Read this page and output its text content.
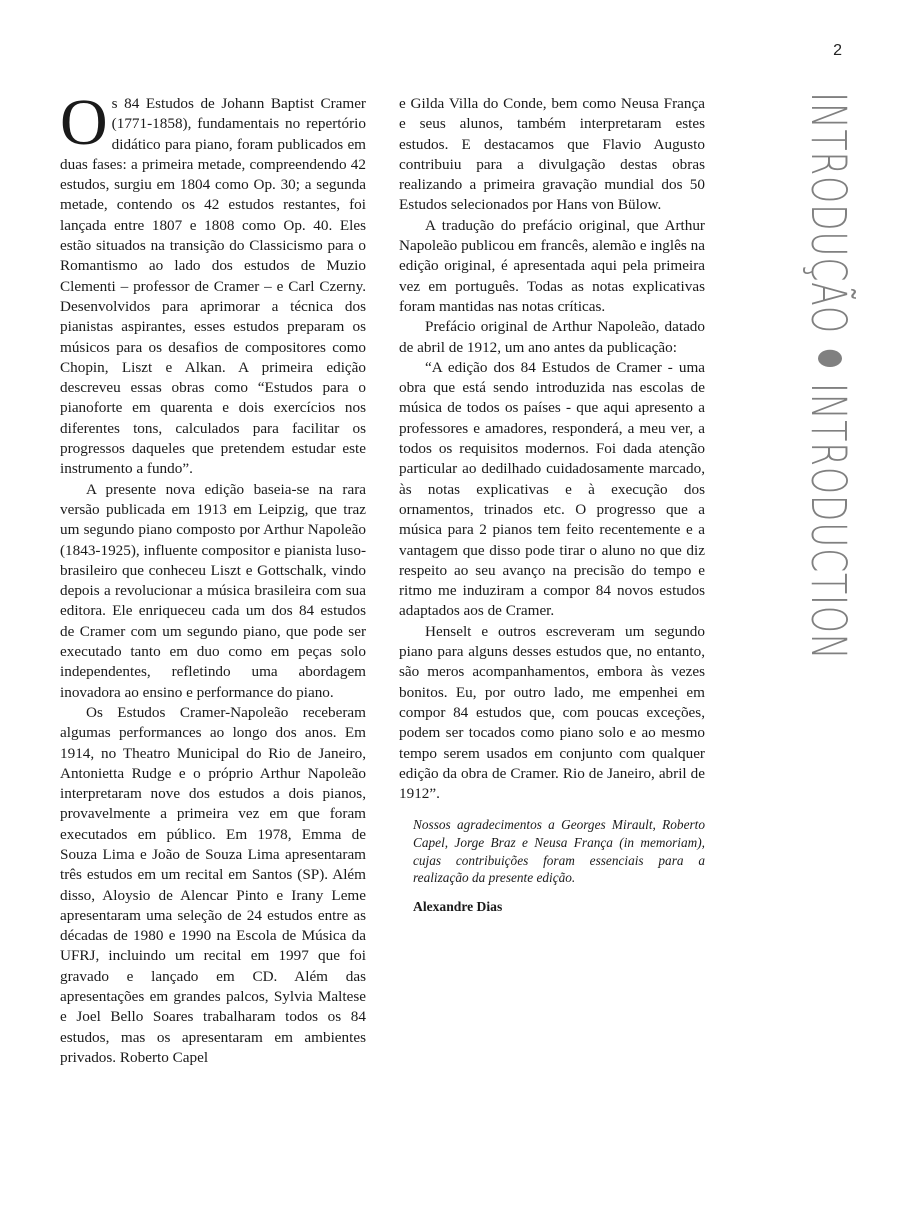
2

Os 84 Estudos de Johann Baptist Cramer (1771-1858), fundamentais no repertório didático para piano, foram publicados em duas fases: a primeira metade, compreendendo 42 estudos, surgiu em 1804 como Op. 30; a segunda metade, contendo os 42 estudos restantes, foi lançada entre 1807 e 1808 como Op. 40. Eles estão situados na transição do Classicismo para o Romantismo ao lado dos estudos de Muzio Clementi – professor de Cramer – e Carl Czerny. Desenvolvidos para aprimorar a técnica dos pianistas aspirantes, esses estudos preparam os músicos para os desafios de compositores como Chopin, Liszt e Alkan. A primeira edição descreveu essas obras como “Estudos para o pianoforte em quarenta e dois exercícios nos diferentes tons, calculados para facilitar os progressos daqueles que pretendem estudar este instrumento a fundo”.

A presente nova edição baseia-se na rara versão publicada em 1913 em Leipzig, que traz um segundo piano composto por Arthur Napoleão (1843-1925), influente compositor e pianista luso-brasileiro que conheceu Liszt e Gottschalk, vindo depois a revolucionar a música brasileira com sua editora. Ele enriqueceu cada um dos 84 estudos de Cramer com um segundo piano, que pode ser executado tanto em duo como em peças solo independentes, refletindo uma abordagem inovadora ao ensino e performance do piano.

Os Estudos Cramer-Napoleão receberam algumas performances ao longo dos anos. Em 1914, no Theatro Municipal do Rio de Janeiro, Antonietta Rudge e o próprio Arthur Napoleão interpretaram nove dos estudos a dois pianos, provavelmente a primeira vez em que foram executados em público. Em 1978, Emma de Souza Lima e João de Souza Lima apresentaram três estudos em um recital em Santos (SP). Além disso, Aloysio de Alencar Pinto e Irany Leme apresentaram uma seleção de 24 estudos entre as décadas de 1980 e 1990 na Escola de Música da UFRJ, incluindo um recital em 1997 que foi gravado e lançado em CD. Além das apresentações em grandes palcos, Sylvia Maltese e Joel Bello Soares trabalharam todos os 84 estudos, mas os apresentaram em ambientes privados. Roberto Capel

e Gilda Villa do Conde, bem como Neusa França e seus alunos, também interpretaram estes estudos. E destacamos que Flavio Augusto contribuiu para a divulgação destas obras realizando a primeira gravação mundial dos 50 Estudos selecionados por Hans von Bülow.

A tradução do prefácio original, que Arthur Napoleão publicou em francês, alemão e inglês na edição original, é apresentada aqui pela primeira vez em português. Todas as notas explicativas foram mantidas nas notas críticas.

Prefácio original de Arthur Napoleão, datado de abril de 1912, um ano antes da publicação:

“A edição dos 84 Estudos de Cramer - uma obra que está sendo introduzida nas escolas de música de todos os países - que aqui apresento a professores e amadores, responderá, a meu ver, a todos os requisitos modernos. Foi dada atenção particular ao dedilhado cuidadosamente marcado, às notas explicativas e à execução dos ornamentos, trinados etc. O progresso que a música para 2 pianos tem feito recentemente e a vantagem que disso pode tirar o aluno no que diz respeito ao seu avanço na precisão do tempo e ritmo me induziram a compor 84 novos estudos adaptados aos de Cramer.

Henselt e outros escreveram um segundo piano para alguns desses estudos que, no entanto, são meros acompanhamentos, embora às vezes bonitos. Eu, por outro lado, me empenhei em compor 84 estudos que, com poucas exceções, podem ser tocados como piano solo e ao mesmo tempo serem usados em conjunto com qualquer edição da obra de Cramer. Rio de Janeiro, abril de 1912”.

Nossos agradecimentos a Georges Mirault, Roberto Capel, Jorge Braz e Neusa França (in memoriam), cujas contribuições foram essenciais para a realização da presente edição.

Alexandre Dias

INTRODUÇÃOINTRODUCTION
